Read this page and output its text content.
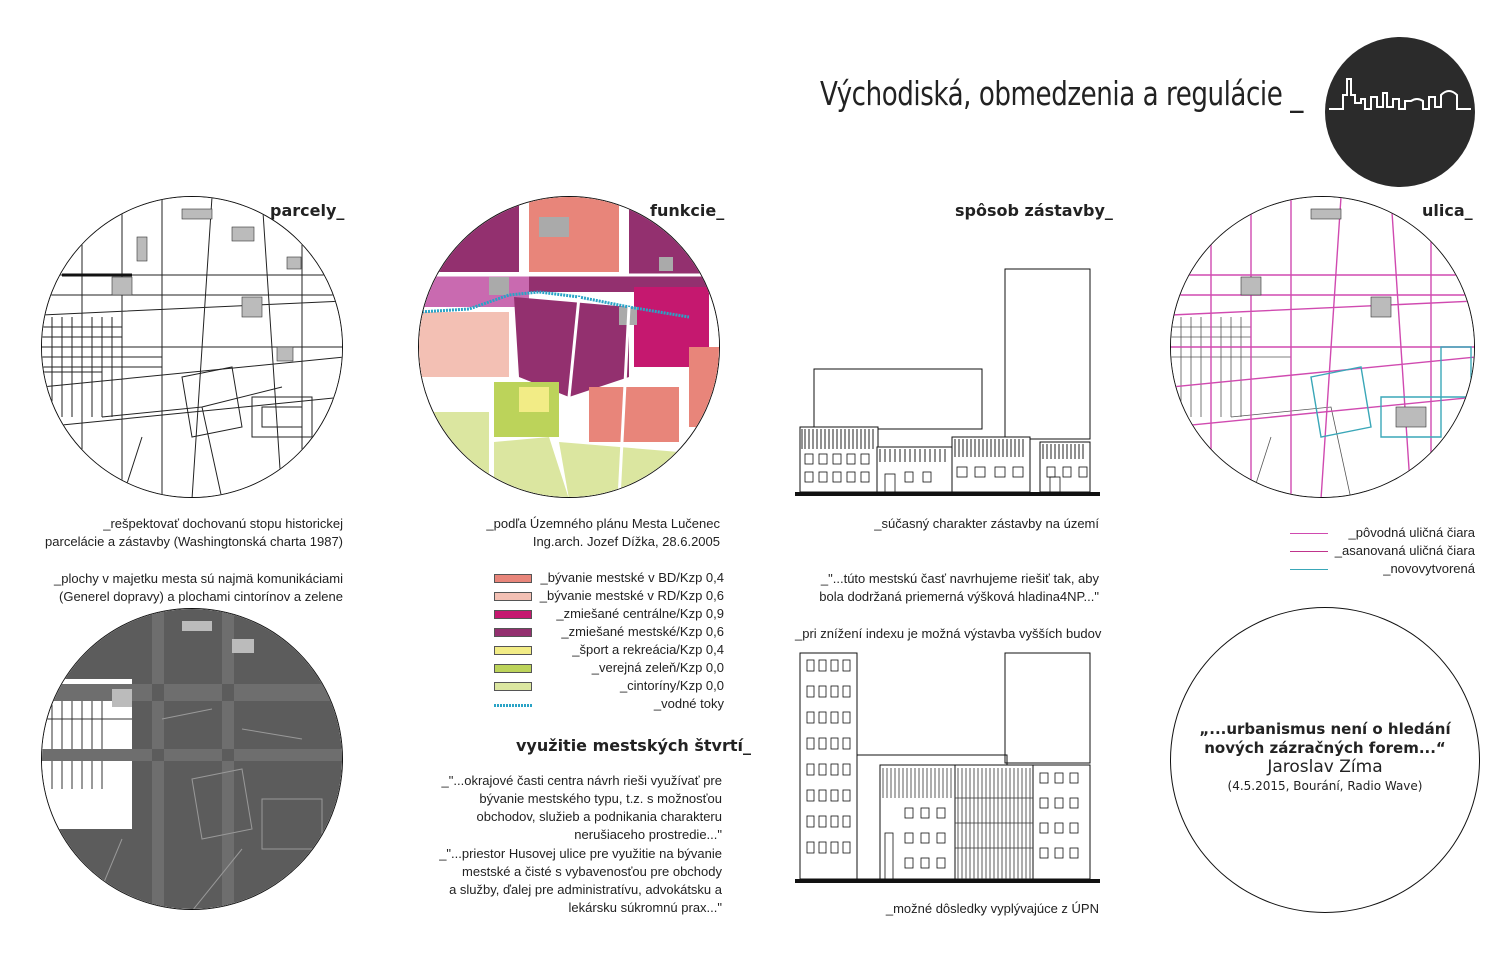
Východiská, obmedzenia a regulácie _
parcely_
_rešpektovať dochovanú stopu historickej
parcelácie a zástavby (Washingtonská charta 1987)
_plochy v majetku mesta sú najmä komunikáciami
(Generel dopravy) a plochami cintorínov a zelene
funkcie_
_podľa Územného plánu Mesta Lučenec
Ing.arch. Jozef Dížka, 28.6.2005
_bývanie mestské v BD/Kzp 0,4
_bývanie mestské v RD/Kzp 0,6
_zmiešané centrálne/Kzp 0,9
_zmiešané mestské/Kzp 0,6
_šport a rekreácia/Kzp 0,4
_verejná zeleň/Kzp 0,0
_cintoríny/Kzp 0,0
_vodné toky
využitie mestských štvrtí_
_"...okrajové časti centra návrh rieši využívať pre
bývanie mestského typu, t.z. s možnosťou
obchodov, služieb a podnikania charakteru
nerušiaceho prostredie..."
_"...priestor Husovej ulice pre využitie na bývanie
mestské a čisté s vybavenosťou pre obchody
a služby, ďalej pre administratívu, advokátsku a
lekársku súkromnú prax..."
spôsob zástavby_
_súčasný charakter zástavby na území
_"...túto mestskú časť navrhujeme riešiť tak, aby
bola dodržaná priemerná výšková hladina4NP..."
_pri znížení indexu je možná výstavba vyšších budov
_možné dôsledky vyplývajúce z ÚPN
ulica_
_pôvodná uličná čiara
_asanovaná uličná čiara
_novovytvorená
„...urbanismus není o hledání
nových zázračných forem...“
Jaroslav Zíma
(4.5.2015, Bourání, Radio Wave)
